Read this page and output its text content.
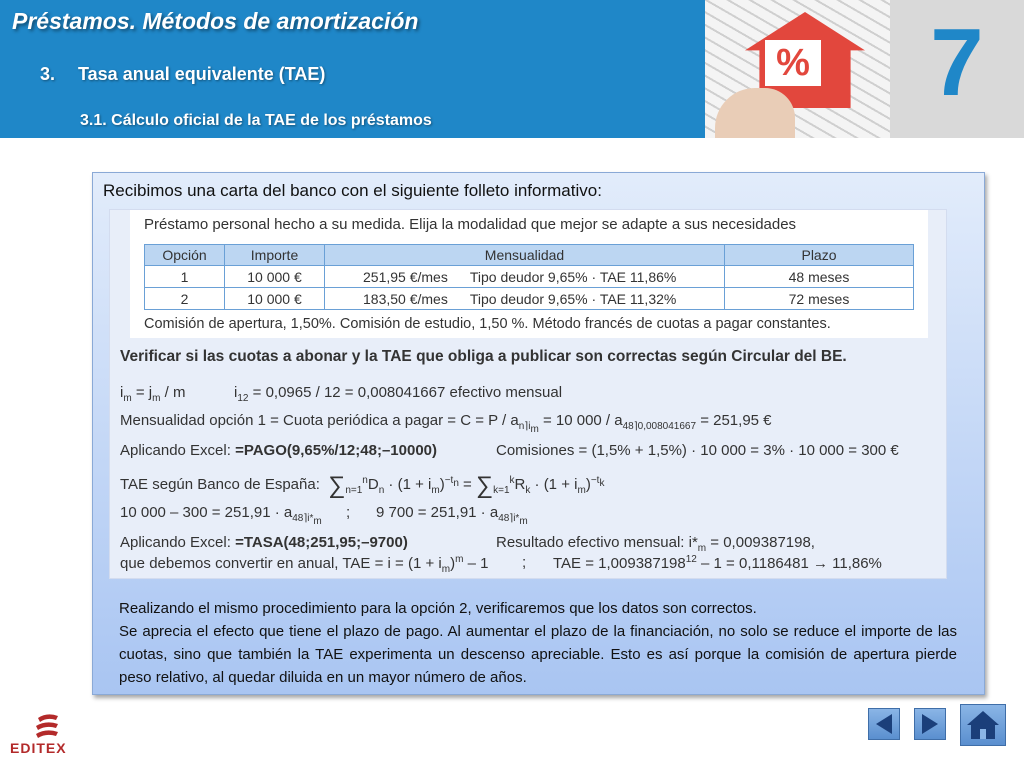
Préstamos. Métodos de amortización
3. Tasa anual equivalente (TAE)
3.1. Cálculo oficial de la TAE de los préstamos
%	7
Recibimos una carta del banco con el siguiente folleto informativo:
Préstamo personal hecho a su medida. Elija la modalidad que mejor se adapte a sus necesidades
Opción	Importe	Mensualidad	Plazo
1	10 000 €	251,95 €/mes Tipo deudor 9,65% · TAE 11,86%	48 meses
2	10 000 €	183,50 €/mes Tipo deudor 9,65% · TAE 11,32%	72 meses
Comisión de apertura, 1,50%. Comisión de estudio, 1,50 %. Método francés de cuotas a pagar constantes.
Verificar si las cuotas a abonar y la TAE que obliga a publicar son correctas según Circular del BE.
$i_m = j_m / m$	$i_{12} = 0,0965 / 12 = 0,008041667$ efectivo mensual
Mensualidad opción 1 = Cuota periódica a pagar = $C = P / a_{n⌉i_m} = 10$ $000 / a_{48⌉0,008041667} = 251,95$ €
Aplicando Excel: =PAGO(9,65%/12;48;–10000)	Comisiones = (1,5% + 1,5%) · 10 000 = 3% · 10 000 = 300 €
TAE según Banco de España: $\sum_{n=1}^nD_n \cdot (1 + i_m)^{-t_n} = \sum_{k=1}^kR_k \cdot (1 + i_m)^{-t_k}$
10 $000 - 300 = 251,91 \cdot a_{48⌉i*_m}$
; 9 $700 = 251,91 \cdot a_{48⌉i*_m}$
Aplicando Excel: =TASA(48;251,95;–9700)	Resultado efectivo mensual: $i*_m = 0,009387198$,
que debemos convertir en anual, TAE = $i = (1 + i_m)^m - 1$ ; TAE = $1,009387198^{12} - 1 = 0,1186481 \to 11,86\%$
Realizando el mismo procedimiento para la opción 2, verificaremos que los datos son correctos.
Se aprecia el efecto que tiene el plazo de pago. Al aumentar el plazo de la financiación, no solo se reduce el importe de las cuotas, sino que también la TAE experimenta un descenso apreciable. Esto es así porque la comisión de apertura pierde peso relativo, al quedar diluida en un mayor número de años.
EDITEX
